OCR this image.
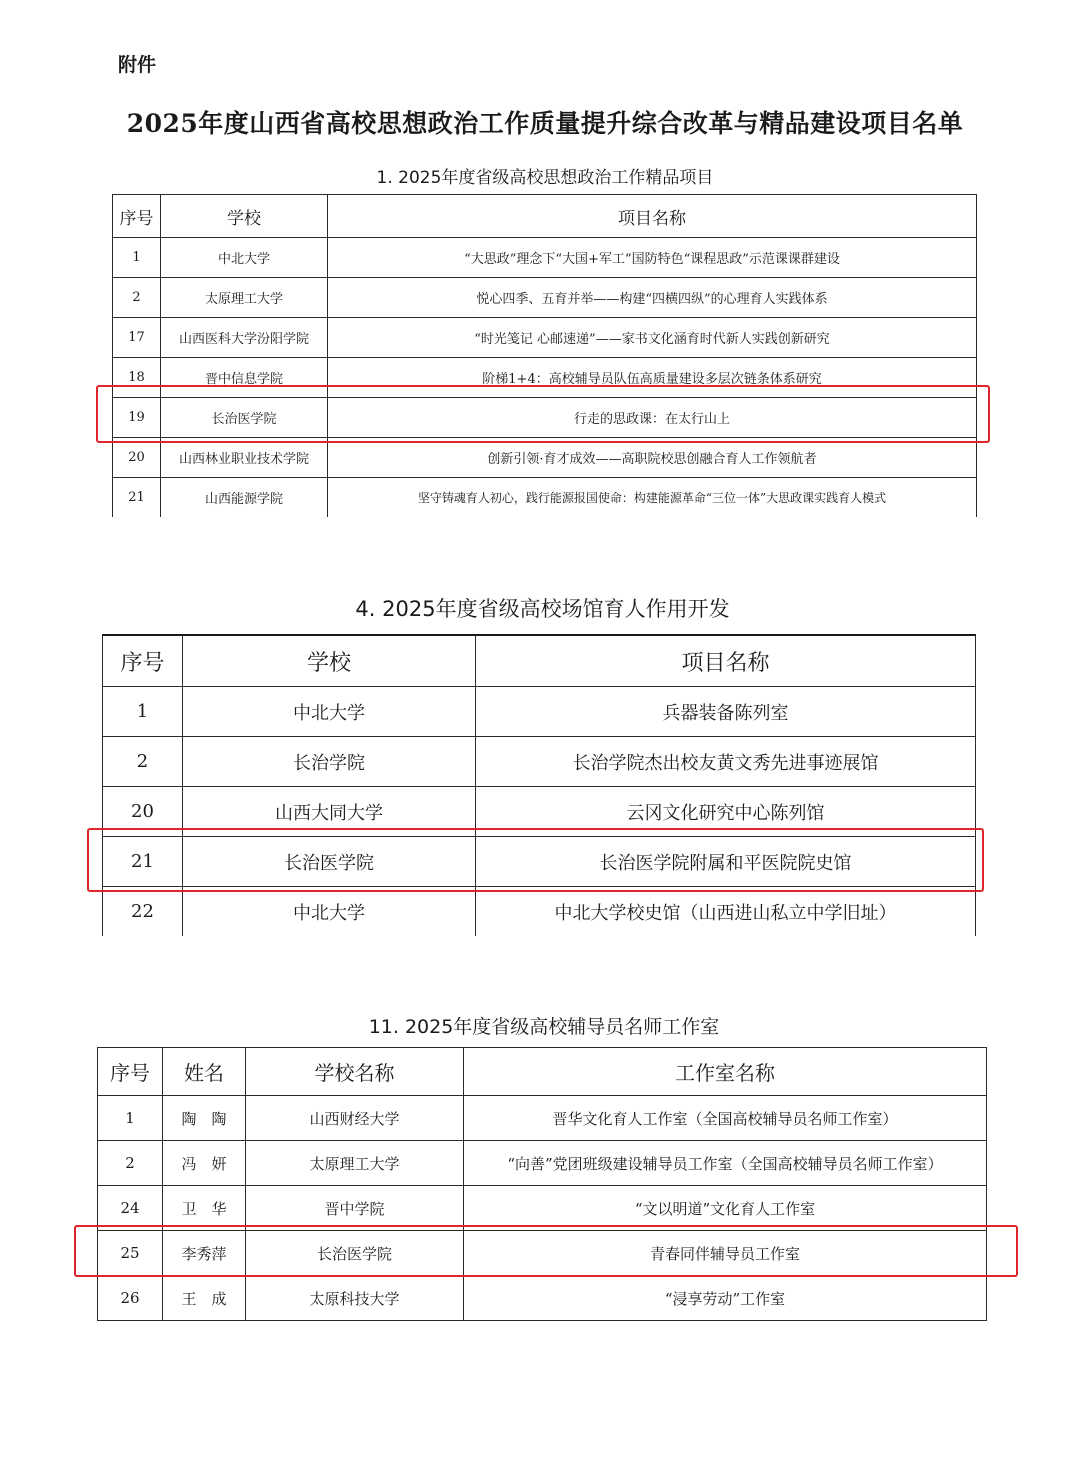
附件
2025年度山西省高校思想政治工作质量提升综合改革与精品建设项目名单
1. 2025年度省级高校思想政治工作精品项目
序号	学校	项目名称
1	中北大学	“大思政”理念下“大国+军工”国防特色“课程思政”示范课课群建设
2	太原理工大学	悦心四季、五育并举——构建“四横四纵”的心理育人实践体系
17	山西医科大学汾阳学院	“时光笺记 心邮速递”——家书文化涵育时代新人实践创新研究
18	晋中信息学院	阶梯1+4：高校辅导员队伍高质量建设多层次链条体系研究
19	长治医学院	行走的思政课：在太行山上
20	山西林业职业技术学院	创新引领·育才成效——高职院校思创融合育人工作领航者
21	山西能源学院	坚守铸魂育人初心，践行能源报国使命：构建能源革命“三位一体”大思政课实践育人模式
4. 2025年度省级高校场馆育人作用开发
序号	学校	项目名称
1	中北大学	兵器装备陈列室
2	长治学院	长治学院杰出校友黄文秀先进事迹展馆
20	山西大同大学	云冈文化研究中心陈列馆
21	长治医学院	长治医学院附属和平医院院史馆
22	中北大学	中北大学校史馆（山西进山私立中学旧址）
11. 2025年度省级高校辅导员名师工作室
序号	姓名	学校名称	工作室名称
1	陶　陶	山西财经大学	晋华文化育人工作室（全国高校辅导员名师工作室）
2	冯　妍	太原理工大学	“向善”党团班级建设辅导员工作室（全国高校辅导员名师工作室）
24	卫　华	晋中学院	“文以明道”文化育人工作室
25	李秀萍	长治医学院	青春同伴辅导员工作室
26	王　成	太原科技大学	“浸享劳动”工作室
